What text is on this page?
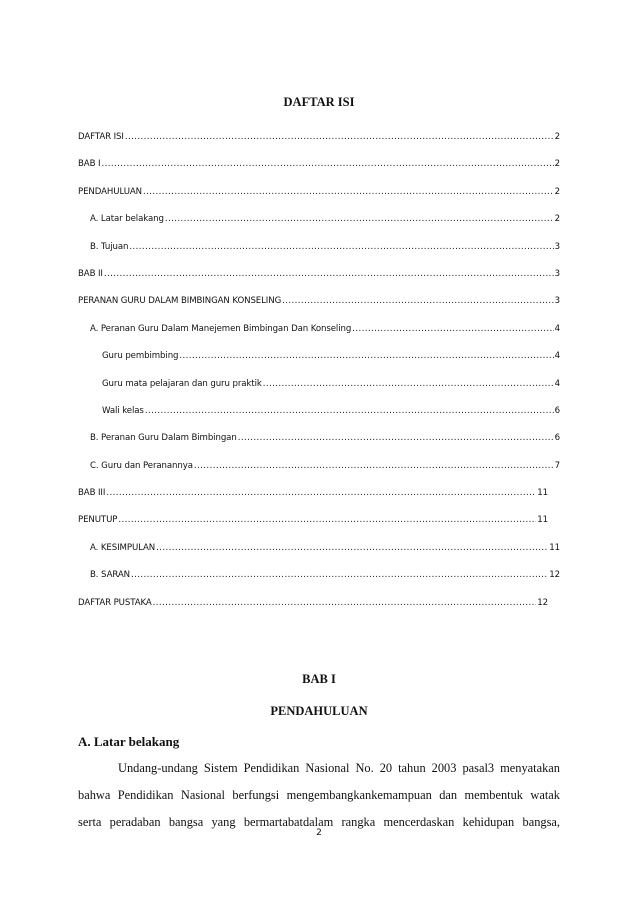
DAFTAR ISI
DAFTAR ISI .....	2
BAB I .....	2
PENDAHULUAN .....	2
A. Latar belakang .....	2
B. Tujuan .....	3
BAB II .....	3
PERANAN GURU DALAM BIMBINGAN KONSELING .....	3
A. Peranan Guru Dalam Manejemen Bimbingan Dan Konseling .....	4
Guru pembimbing .....	4
Guru mata pelajaran dan guru praktik .....	4
Wali kelas .....	6
B. Peranan Guru Dalam Bimbingan .....	6
C. Guru dan Peranannya .....	7
BAB III .....	11
PENUTUP .....	11
A. KESIMPULAN .....	11
B. SARAN .....	12
DAFTAR PUSTAKA .....	12
BAB I
PENDAHULUAN
A. Latar belakang
Undang-undang Sistem Pendidikan Nasional No. 20 tahun 2003 pasal3 menyatakan
bahwa Pendidikan Nasional berfungsi mengembangkankemampuan dan membentuk watak
serta peradaban bangsa yang bermartabatdalam rangka mencerdaskan kehidupan bangsa,
2
